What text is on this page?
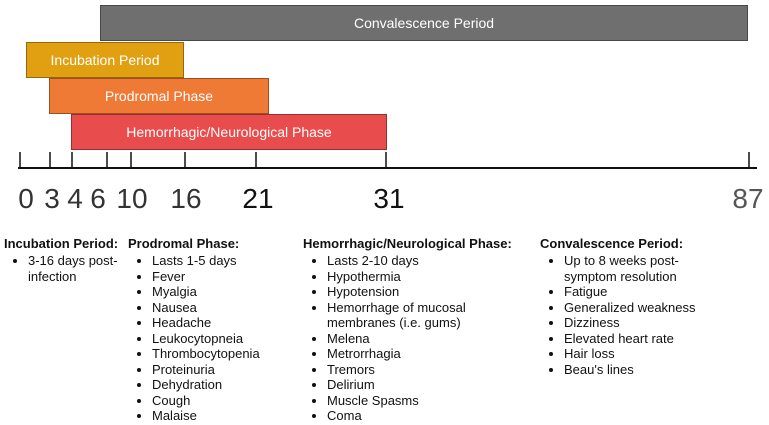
Convalescence Period
Incubation Period
Prodromal Phase
Hemorrhagic/Neurological Phase
0 3 4 6 10 16 21	31	87
Incubation Period:
• 3-16 days post-infection
Prodromal Phase:
• Lasts 1-5 days
• Fever
• Myalgia
• Nausea
• Headache
• Leukocytopneia
• Thrombocytopenia
• Proteinuria
• Dehydration
• Cough
• Malaise
Hemorrhagic/Neurological Phase:
• Lasts 2-10 days
• Hypothermia
• Hypotension
• Hemorrhage of mucosal membranes (i.e. gums)
• Melena
• Metrorrhagia
• Tremors
• Delirium
• Muscle Spasms
• Coma
Convalescence Period:
• Up to 8 weeks post-symptom resolution
• Fatigue
• Generalized weakness
• Dizziness
• Elevated heart rate
• Hair loss
• Beau's lines
